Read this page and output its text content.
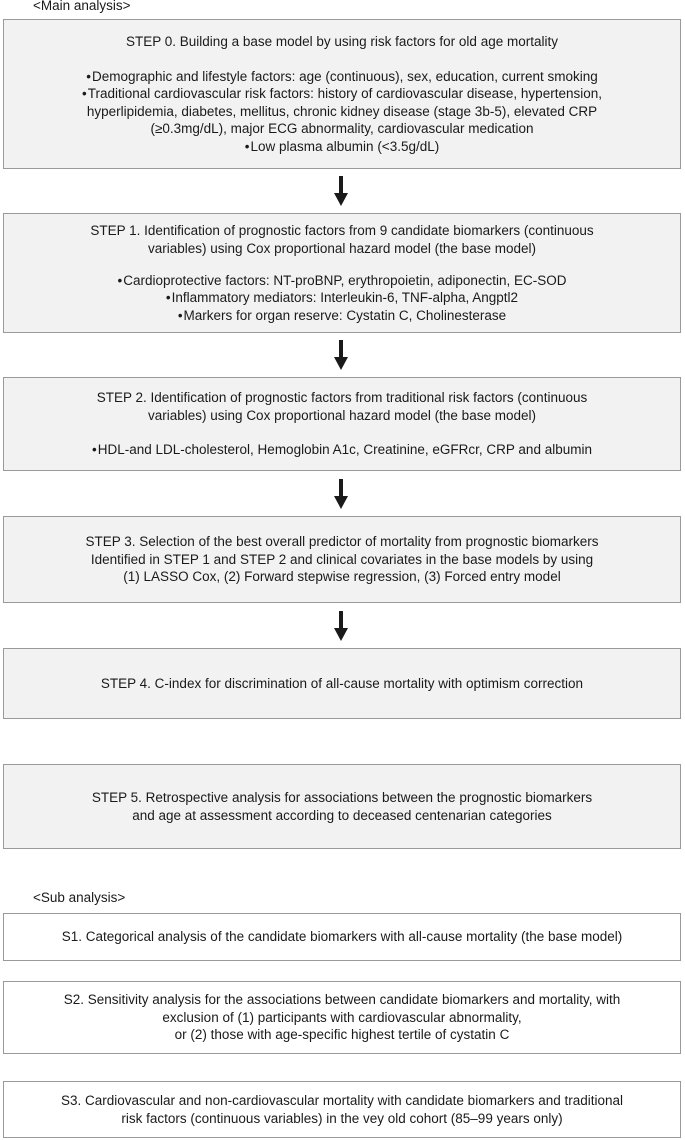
<Main analysis>
STEP 0. Building a base model by using risk factors for old age mortality
• Demographic and lifestyle factors: age (continuous), sex, education, current smoking
• Traditional cardiovascular risk factors: history of cardiovascular disease, hypertension,
hyperlipidemia, diabetes, mellitus, chronic kidney disease (stage 3b-5), elevated CRP
(≥0.3mg/dL), major ECG abnormality, cardiovascular medication
• Low plasma albumin (<3.5g/dL)
STEP 1. Identification of prognostic factors from 9 candidate biomarkers (continuous
variables) using Cox proportional hazard model (the base model)
• Cardioprotective factors: NT-proBNP, erythropoietin, adiponectin, EC-SOD
• Inflammatory mediators: Interleukin-6, TNF-alpha, Angptl2
• Markers for organ reserve: Cystatin C, Cholinesterase
STEP 2. Identification of prognostic factors from traditional risk factors (continuous
variables) using Cox proportional hazard model (the base model)
• HDL-and LDL-cholesterol, Hemoglobin A1c, Creatinine, eGFRcr, CRP and albumin
STEP 3. Selection of the best overall predictor of mortality from prognostic biomarkers
Identified in STEP 1 and STEP 2 and clinical covariates in the base models by using
(1) LASSO Cox, (2) Forward stepwise regression, (3) Forced entry model
STEP 4. C-index for discrimination of all-cause mortality with optimism correction
STEP 5. Retrospective analysis for associations between the prognostic biomarkers
and age at assessment according to deceased centenarian categories
<Sub analysis>
S1. Categorical analysis of the candidate biomarkers with all-cause mortality (the base model)
S2. Sensitivity analysis for the associations between candidate biomarkers and mortality, with
exclusion of (1) participants with cardiovascular abnormality,
or (2) those with age-specific highest tertile of cystatin C
S3. Cardiovascular and non-cardiovascular mortality with candidate biomarkers and traditional
risk factors (continuous variables) in the vey old cohort (85–99 years only)
